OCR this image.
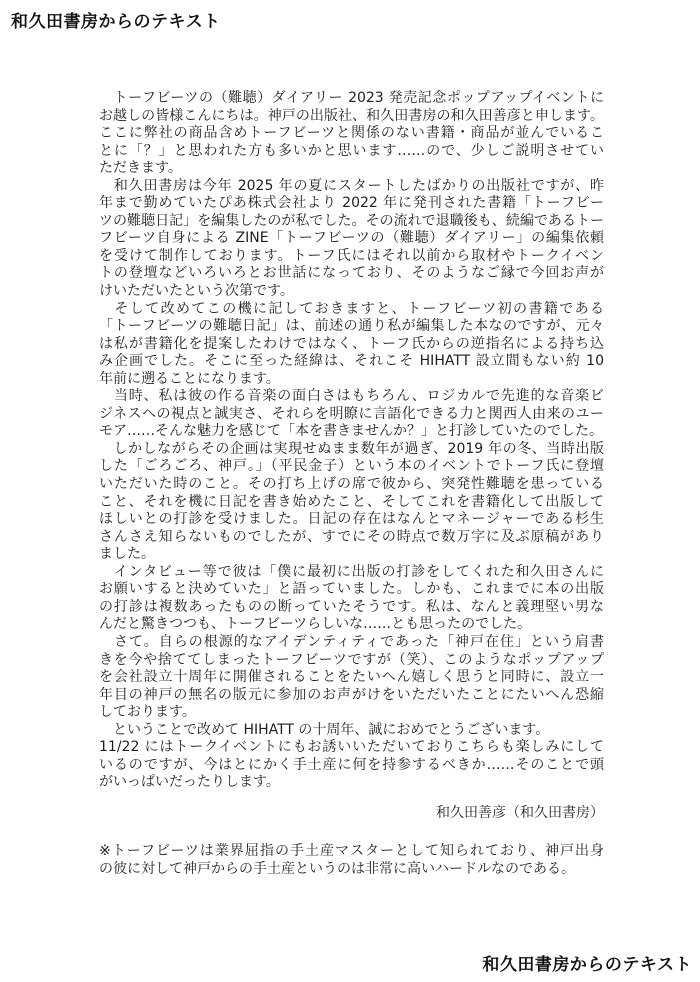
和久田書房からのテキスト
　トーフビーツの（難聴）ダイアリー 2023 発売記念ポップアップイベントに
お越しの皆様こんにちは。神戸の出版社、和久田書房の和久田善彦と申します。
ここに弊社の商品含めトーフビーツと関係のない書籍・商品が並んでいるこ
とに「？」と思われた方も多いかと思います……ので、少しご説明させてい
ただきます。
　和久田書房は今年 2025 年の夏にスタートしたばかりの出版社ですが、昨
年まで勤めていたぴあ株式会社より 2022 年に発刊された書籍「トーフビー
ツの難聴日記」を編集したのが私でした。その流れで退職後も、続編であるトー
フビーツ自身による ZINE「トーフビーツの（難聴）ダイアリー」の編集依頼
を受けて制作しております。トーフ氏にはそれ以前から取材やトークイベン
トの登壇などいろいろとお世話になっており、そのようなご縁で今回お声が
けいただいたという次第です。
　そして改めてこの機に記しておきますと、トーフビーツ初の書籍である
「トーフビーツの難聴日記」は、前述の通り私が編集した本なのですが、元々
は私が書籍化を提案したわけではなく、トーフ氏からの逆指名による持ち込
み企画でした。そこに至った経緯は、それこそ HIHATT 設立間もない約 10
年前に遡ることになります。
　当時、私は彼の作る音楽の面白さはもちろん、ロジカルで先進的な音楽ビ
ジネスへの視点と誠実さ、それらを明瞭に言語化できる力と関西人由来のユー
モア……そんな魅力を感じて「本を書きませんか？」と打診していたのでした。
　しかしながらその企画は実現せぬまま数年が過ぎ、2019 年の冬、当時出版
した「ごろごろ、神戸。」（平民金子）という本のイベントでトーフ氏に登壇
いただいた時のこと。その打ち上げの席で彼から、突発性難聴を患っている
こと、それを機に日記を書き始めたこと、そしてこれを書籍化して出版して
ほしいとの打診を受けました。日記の存在はなんとマネージャーである杉生
さんさえ知らないものでしたが、すでにその時点で数万字に及ぶ原稿があり
ました。
　インタビュー等で彼は「僕に最初に出版の打診をしてくれた和久田さんに
お願いすると決めていた」と語っていました。しかも、これまでに本の出版
の打診は複数あったものの断っていたそうです。私は、なんと義理堅い男な
んだと驚きつつも、トーフビーツらしいな……とも思ったのでした。
　さて。自らの根源的なアイデンティティであった「神戸在住」という肩書
きを今や捨ててしまったトーフビーツですが（笑）、このようなポップアップ
を会社設立十周年に開催されることをたいへん嬉しく思うと同時に、設立一
年目の神戸の無名の版元に参加のお声がけをいただいたことにたいへん恐縮
しております。
　ということで改めて HIHATT の十周年、誠におめでとうございます。
11/22 にはトークイベントにもお誘いいただいておりこちらも楽しみにして
いるのですが、今はとにかく手土産に何を持参するべきか……そのことで頭
がいっぱいだったりします。
和久田善彦（和久田書房）
※トーフビーツは業界屈指の手土産マスターとして知られており、神戸出身
の彼に対して神戸からの手土産というのは非常に高いハードルなのである。
和久田書房からのテキスト
